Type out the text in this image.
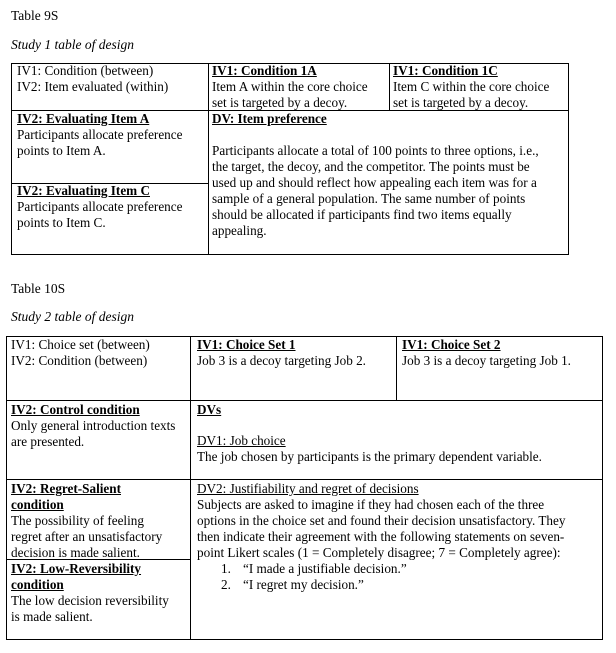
Table 9S
Study 1 table of design
IV1: Condition (between)
IV2: Item evaluated (within)
IV1: Condition 1A
Item A within the core choice
set is targeted by a decoy.
IV1: Condition 1C
Item C within the core choice
set is targeted by a decoy.
IV2: Evaluating Item A
Participants allocate preference
points to Item A.
IV2: Evaluating Item C
Participants allocate preference
points to Item C.
DV: Item preference
Participants allocate a total of 100 points to three options, i.e.,
the target, the decoy, and the competitor. The points must be
used up and should reflect how appealing each item was for a
sample of a general population. The same number of points
should be allocated if participants find two items equally
appealing.
Table 10S
Study 2 table of design
IV1: Choice set (between)
IV2: Condition (between)
IV1: Choice Set 1
Job 3 is a decoy targeting Job 2.
IV1: Choice Set 2
Job 3 is a decoy targeting Job 1.
IV2: Control condition
Only general introduction texts
are presented.
IV2: Regret-Salient
condition
The possibility of feeling
regret after an unsatisfactory
decision is made salient.
IV2: Low-Reversibility
condition
The low decision reversibility
is made salient.
DVs
DV1: Job choice
The job chosen by participants is the primary dependent variable.
DV2: Justifiability and regret of decisions
Subjects are asked to imagine if they had chosen each of the three
options in the choice set and found their decision unsatisfactory. They
then indicate their agreement with the following statements on seven-
point Likert scales (1 = Completely disagree; 7 = Completely agree):
1. “I made a justifiable decision.”
2. “I regret my decision.”
